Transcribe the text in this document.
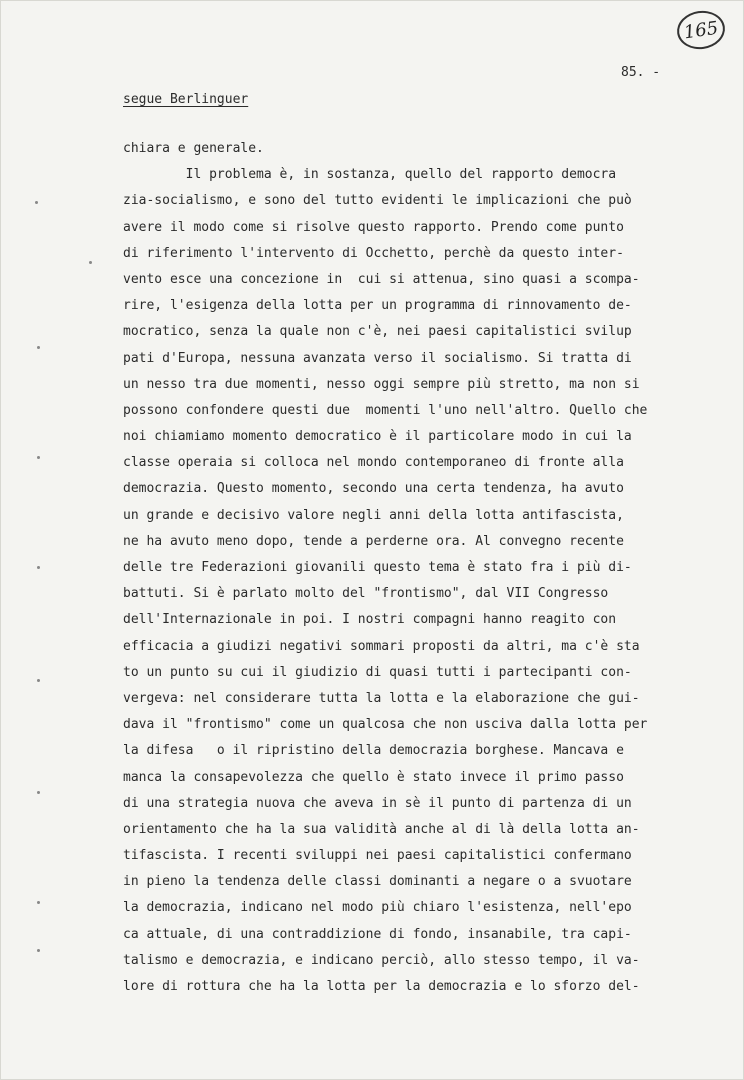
165
85. -
segue Berlinguer
chiara e generale.
Il problema è, in sostanza, quello del rapporto democra
zia-socialismo, e sono del tutto evidenti le implicazioni che può
avere il modo come si risolve questo rapporto. Prendo come punto
di riferimento l'intervento di Occhetto, perchè da questo inter-
vento esce una concezione in  cui si attenua, sino quasi a scompa-
rire, l'esigenza della lotta per un programma di rinnovamento de-
mocratico, senza la quale non c'è, nei paesi capitalistici svilup
pati d'Europa, nessuna avanzata verso il socialismo. Si tratta di
un nesso tra due momenti, nesso oggi sempre più stretto, ma non si
possono confondere questi due  momenti l'uno nell'altro. Quello che
noi chiamiamo momento democratico è il particolare modo in cui la
classe operaia si colloca nel mondo contemporaneo di fronte alla
democrazia. Questo momento, secondo una certa tendenza, ha avuto
un grande e decisivo valore negli anni della lotta antifascista,
ne ha avuto meno dopo, tende a perderne ora. Al convegno recente
delle tre Federazioni giovanili questo tema è stato fra i più di-
battuti. Si è parlato molto del "frontismo", dal VII Congresso
dell'Internazionale in poi. I nostri compagni hanno reagito con
efficacia a giudizi negativi sommari proposti da altri, ma c'è sta
to un punto su cui il giudizio di quasi tutti i partecipanti con-
vergeva: nel considerare tutta la lotta e la elaborazione che gui-
dava il "frontismo" come un qualcosa che non usciva dalla lotta per
la difesa   o il ripristino della democrazia borghese. Mancava e
manca la consapevolezza che quello è stato invece il primo passo
di una strategia nuova che aveva in sè il punto di partenza di un
orientamento che ha la sua validità anche al di là della lotta an-
tifascista. I recenti sviluppi nei paesi capitalistici confermano
in pieno la tendenza delle classi dominanti a negare o a svuotare
la democrazia, indicano nel modo più chiaro l'esistenza, nell'epo
ca attuale, di una contraddizione di fondo, insanabile, tra capi-
talismo e democrazia, e indicano perciò, allo stesso tempo, il va-
lore di rottura che ha la lotta per la democrazia e lo sforzo del-
